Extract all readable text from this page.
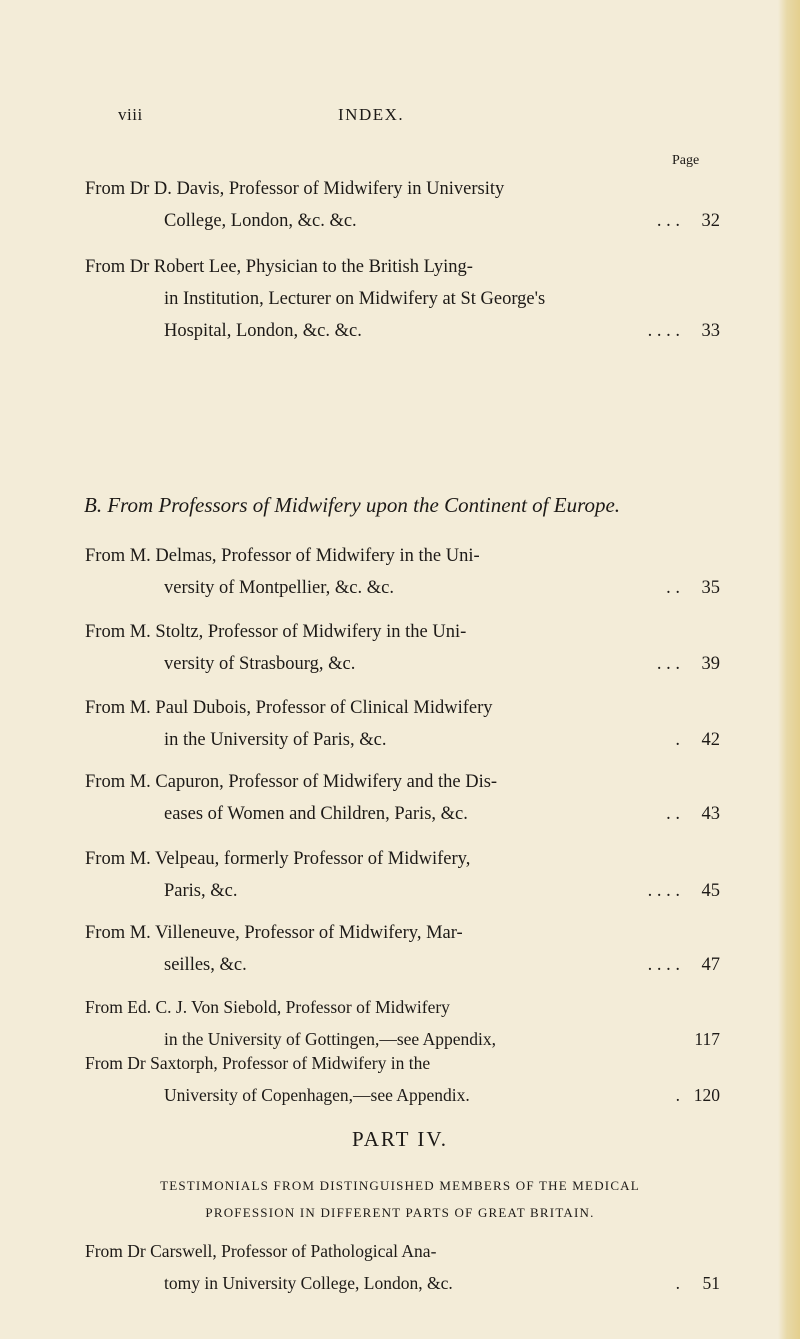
viii	INDEX.
Page
From Dr D. Davis, Professor of Midwifery in University
College, London, &c. &c.	. . . 32
From Dr Robert Lee, Physician to the British Lying-
in Institution, Lecturer on Midwifery at St George's
Hospital, London, &c. &c.	. . . . 33
B. From Professors of Midwifery upon the Continent of Europe.
From M. Delmas, Professor of Midwifery in the Uni-
versity of Montpellier, &c. &c.	. . 35
From M. Stoltz, Professor of Midwifery in the Uni-
versity of Strasbourg, &c.	. . . 39
From M. Paul Dubois, Professor of Clinical Midwifery
in the University of Paris, &c.	. 42
From M. Capuron, Professor of Midwifery and the Dis-
eases of Women and Children, Paris, &c.	. . 43
From M. Velpeau, formerly Professor of Midwifery,
Paris, &c.	. . . . 45
From M. Villeneuve, Professor of Midwifery, Mar-
seilles, &c.	. . . . 47
From Ed. C. J. Von Siebold, Professor of Midwifery
in the University of Gottingen,—see Appendix,	117
From Dr Saxtorph, Professor of Midwifery in the
University of Copenhagen,—see Appendix.	. 120
PART IV.
TESTIMONIALS FROM DISTINGUISHED MEMBERS OF THE MEDICAL
PROFESSION IN DIFFERENT PARTS OF GREAT BRITAIN.
From Dr Carswell, Professor of Pathological Ana-
tomy in University College, London, &c.	. 51
